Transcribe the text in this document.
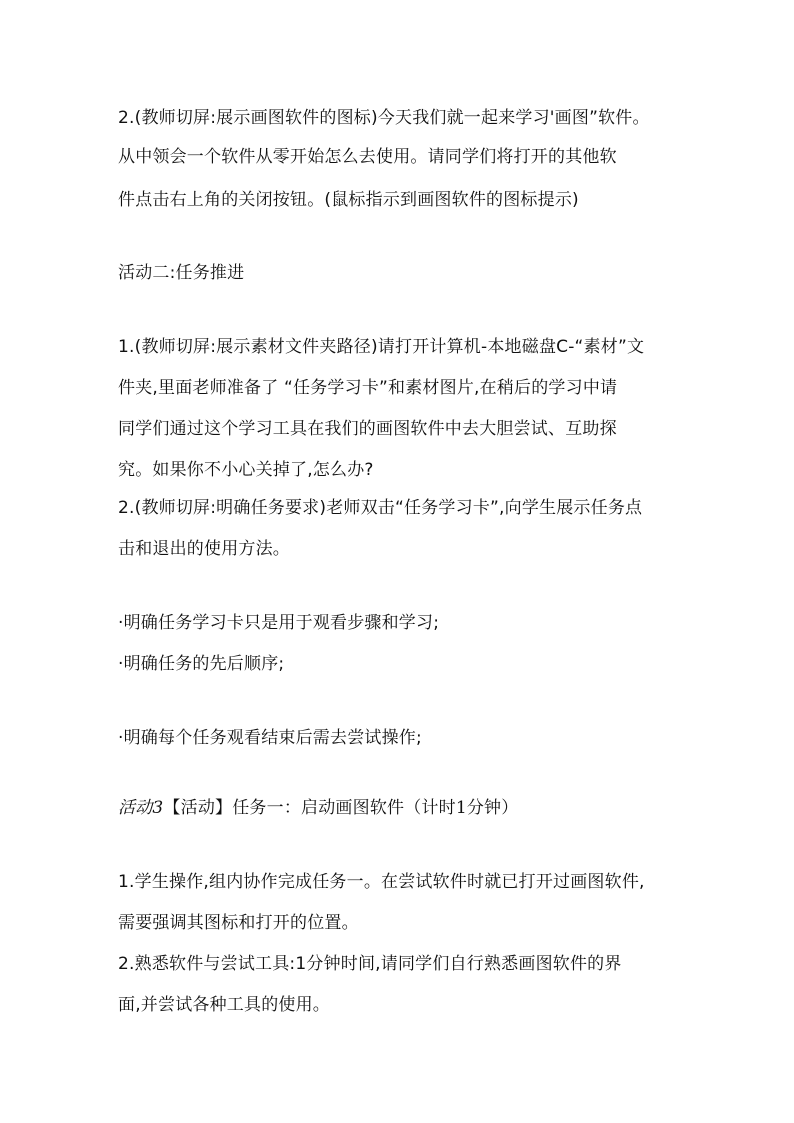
2.(教师切屏:展示画图软件的图标)今天我们就一起来学习'画图”软件。
从中领会一个软件从零开始怎么去使用。请同学们将打开的其他软
件点击右上角的关闭按钮。(鼠标指示到画图软件的图标提示)
活动二:任务推进
1.(教师切屏:展示素材文件夹路径)请打开计算机-本地磁盘C-“素材”文
件夹,里面老师准备了 “任务学习卡”和素材图片,在稍后的学习中请
同学们通过这个学习工具在我们的画图软件中去大胆尝试、互助探
究。如果你不小心关掉了,怎么办?
2.(教师切屏:明确任务要求)老师双击“任务学习卡”,向学生展示任务点
击和退出的使用方法。
·明确任务学习卡只是用于观看步骤和学习;
·明确任务的先后顺序;
·明确每个任务观看结束后需去尝试操作;
活动3【活动】任务一：启动画图软件（计时1分钟）
1.学生操作,组内协作完成任务一。在尝试软件时就已打开过画图软件,
需要强调其图标和打开的位置。
2.熟悉软件与尝试工具:1分钟时间,请同学们自行熟悉画图软件的界
面,并尝试各种工具的使用。
